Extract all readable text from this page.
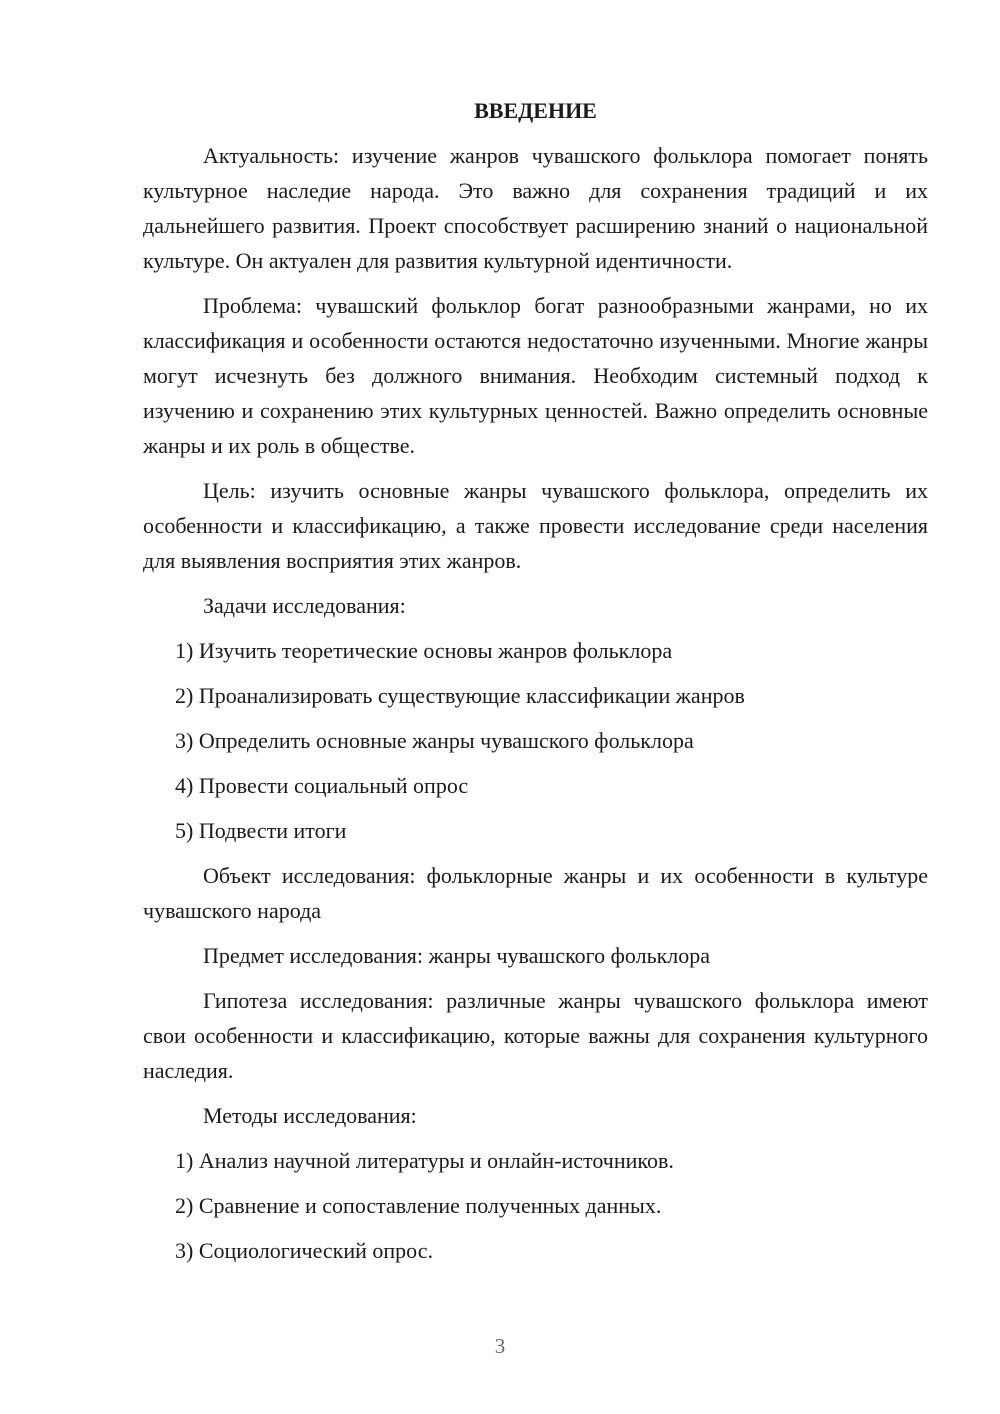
ВВЕДЕНИЕ

Актуальность: изучение жанров чувашского фольклора помогает понять культурное наследие народа. Это важно для сохранения традиций и их дальнейшего развития. Проект способствует расширению знаний о национальной культуре. Он актуален для развития культурной идентичности.

Проблема: чувашский фольклор богат разнообразными жанрами, но их классификация и особенности остаются недостаточно изученными. Многие жанры могут исчезнуть без должного внимания. Необходим системный подход к изучению и сохранению этих культурных ценностей. Важно определить основные жанры и их роль в обществе.

Цель: изучить основные жанры чувашского фольклора, определить их особенности и классификацию, а также провести исследование среди населения для выявления восприятия этих жанров.

Задачи исследования:

1) Изучить теоретические основы жанров фольклора

2) Проанализировать существующие классификации жанров

3) Определить основные жанры чувашского фольклора

4) Провести социальный опрос

5) Подвести итоги

Объект исследования: фольклорные жанры и их особенности в культуре чувашского народа

Предмет исследования: жанры чувашского фольклора

Гипотеза исследования: различные жанры чувашского фольклора имеют свои особенности и классификацию, которые важны для сохранения культурного наследия.

Методы исследования:

1) Анализ научной литературы и онлайн-источников.

2) Сравнение и сопоставление полученных данных.

3) Социологический опрос.

3
